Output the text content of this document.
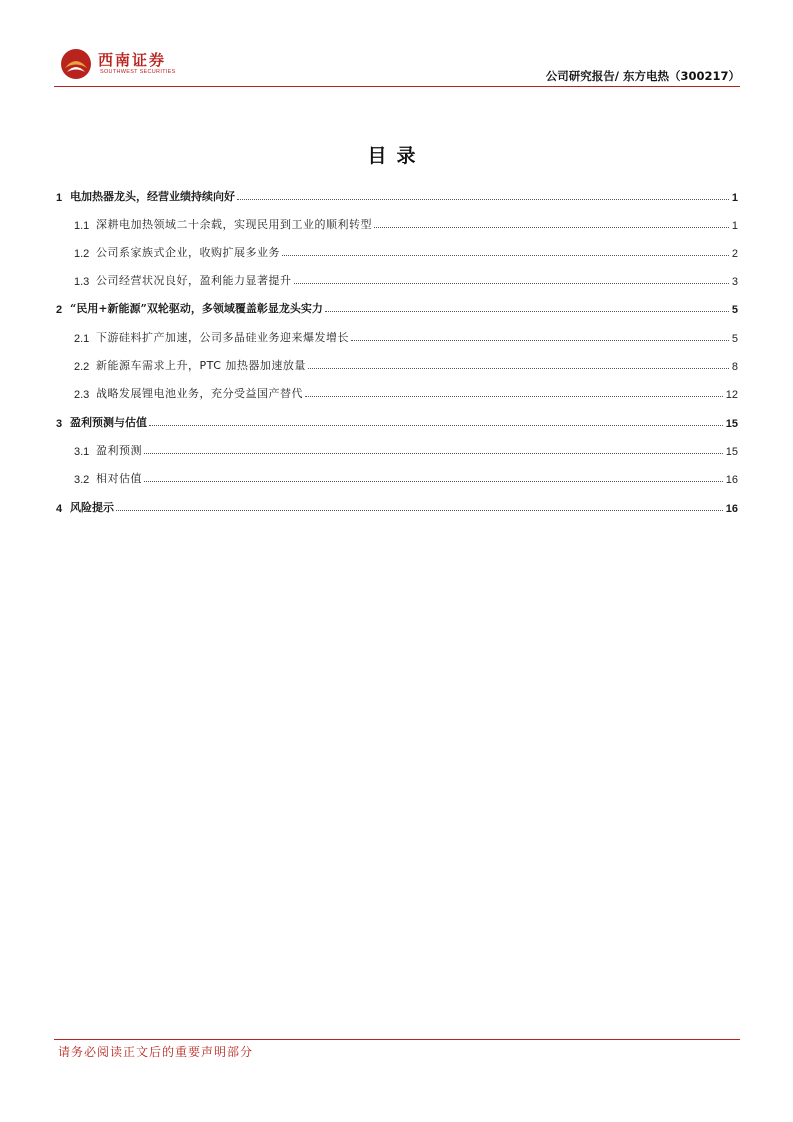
西南证券
SOUTHWEST SECURITIES	公司研究报告/ 东方电热（300217）
目录
1 电加热器龙头，经营业绩持续向好	1
1.1 深耕电加热领域二十余载，实现民用到工业的顺利转型	1
1.2 公司系家族式企业，收购扩展多业务	2
1.3 公司经营状况良好，盈利能力显著提升	3
2 “民用+新能源”双轮驱动，多领域覆盖彰显龙头实力	5
2.1 下游硅料扩产加速，公司多晶硅业务迎来爆发增长	5
2.2 新能源车需求上升，PTC 加热器加速放量	8
2.3 战略发展锂电池业务，充分受益国产替代	12
3 盈利预测与估值	15
3.1 盈利预测	15
3.2 相对估值	16
4 风险提示	16
请务必阅读正文后的重要声明部分
